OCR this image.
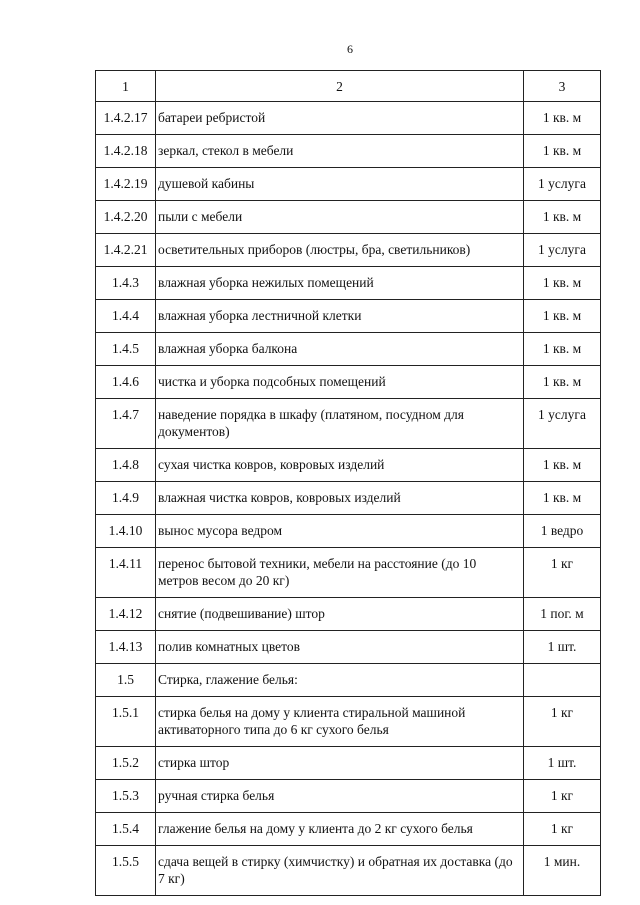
6
1	2	3
1.4.2.17	батареи ребристой	1 кв. м
1.4.2.18	зеркал, стекол в мебели	1 кв. м
1.4.2.19	душевой кабины	1 услуга
1.4.2.20	пыли с мебели	1 кв. м
1.4.2.21	осветительных приборов (люстры, бра, светильников)	1 услуга
1.4.3	влажная уборка нежилых помещений	1 кв. м
1.4.4	влажная уборка лестничной клетки	1 кв. м
1.4.5	влажная уборка балкона	1 кв. м
1.4.6	чистка и уборка подсобных помещений	1 кв. м
1.4.7	наведение порядка в шкафу (платяном, посудном для документов)	1 услуга
1.4.8	сухая чистка ковров, ковровых изделий	1 кв. м
1.4.9	влажная чистка ковров, ковровых изделий	1 кв. м
1.4.10	вынос мусора ведром	1 ведро
1.4.11	перенос бытовой техники, мебели на расстояние (до 10 метров весом до 20 кг)	1 кг
1.4.12	снятие (подвешивание) штор	1 пог. м
1.4.13	полив комнатных цветов	1 шт.
1.5	Стирка, глажение белья:	
1.5.1	стирка белья на дому у клиента стиральной машиной активаторного типа до 6 кг сухого белья	1 кг
1.5.2	стирка штор	1 шт.
1.5.3	ручная стирка белья	1 кг
1.5.4	глажение белья на дому у клиента до 2 кг сухого белья	1 кг
1.5.5	сдача вещей в стирку (химчистку) и обратная их доставка (до 7 кг)	1 мин.
